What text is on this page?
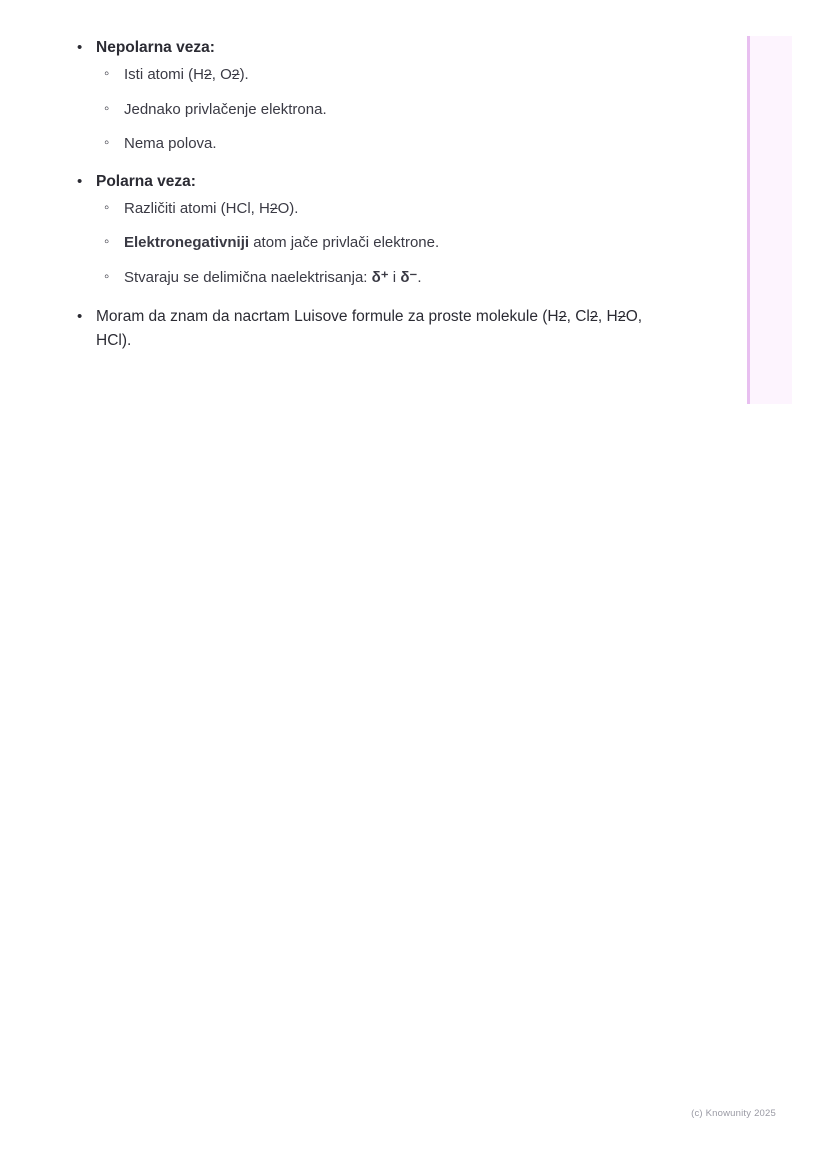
• Nepolarna veza:
◦ Isti atomi (H2, O2).
◦ Jednako privlačenje elektrona.
◦ Nema polova.
• Polarna veza:
◦ Različiti atomi (HCl, H2O).
◦ Elektronegativniji atom jače privlači elektrone.
◦ Stvaraju se delimična naelektrisanja: δ⁺ i δ⁻.
• Moram da znam da nacrtam Luisove formule za proste molekule (H2, Cl2, H2O, HCl).
(c) Knowunity 2025
